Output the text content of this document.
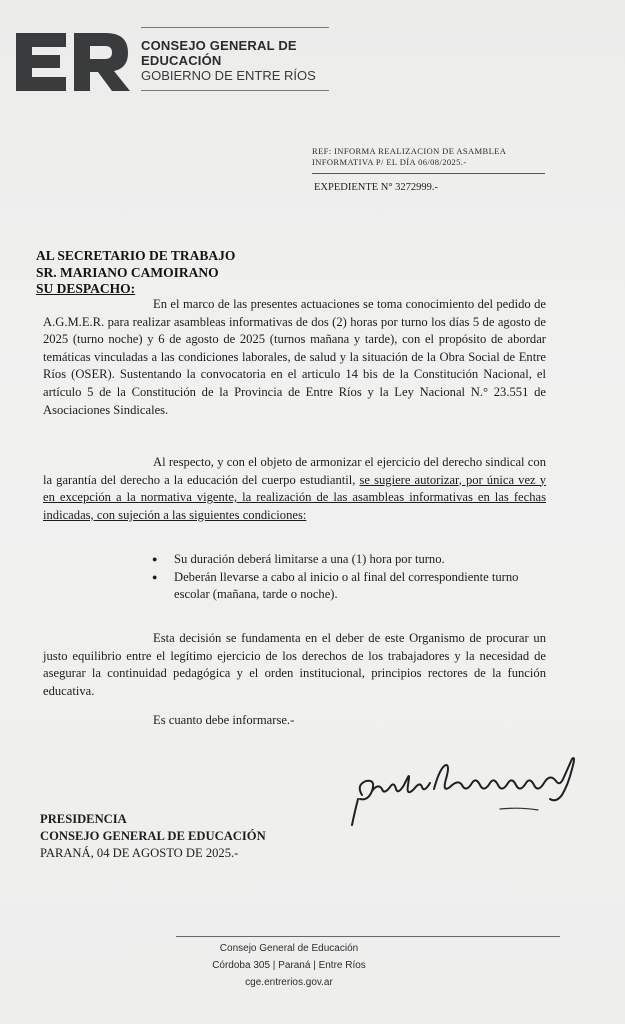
CONSEJO GENERAL DE
EDUCACIÓN
GOBIERNO DE ENTRE RÍOS
REF: INFORMA REALIZACION DE ASAMBLEA
INFORMATIVA P/ EL DÍA 06/08/2025.-
EXPEDIENTE N° 3272999.-
AL SECRETARIO DE TRABAJO
SR. MARIANO CAMOIRANO
SU DESPACHO:
En el marco de las presentes actuaciones se toma conocimiento del pedido de A.G.M.E.R. para realizar asambleas informativas de dos (2) horas por turno los días 5 de agosto de 2025 (turno noche) y 6 de agosto de 2025 (turnos mañana y tarde), con el propósito de abordar temáticas vinculadas a las condiciones laborales, de salud y la situación de la Obra Social de Entre Ríos (OSER). Sustentando la convocatoria en el articulo 14 bis de la Constitución Nacional, el artículo 5 de la Constitución de la Provincia de Entre Ríos y la Ley Nacional N.° 23.551 de Asociaciones Sindicales.
Al respecto, y con el objeto de armonizar el ejercicio del derecho sindical con la garantía del derecho a la educación del cuerpo estudiantil, se sugiere autorizar, por única vez y en excepción a la normativa vigente, la realización de las asambleas informativas en las fechas indicadas, con sujeción a las siguientes condiciones:
● Su duración deberá limitarse a una (1) hora por turno.
● Deberán llevarse a cabo al inicio o al final del correspondiente turno escolar (mañana, tarde o noche).
Esta decisión se fundamenta en el deber de este Organismo de procurar un justo equilibrio entre el legítimo ejercicio de los derechos de los trabajadores y la necesidad de asegurar la continuidad pedagógica y el orden institucional, principios rectores de la función educativa.
Es cuanto debe informarse.-
PRESIDENCIA
CONSEJO GENERAL DE EDUCACIÓN
PARANÁ, 04 DE AGOSTO DE 2025.-
Consejo General de Educación
Córdoba 305 | Paraná | Entre Ríos
cge.entrerios.gov.ar
